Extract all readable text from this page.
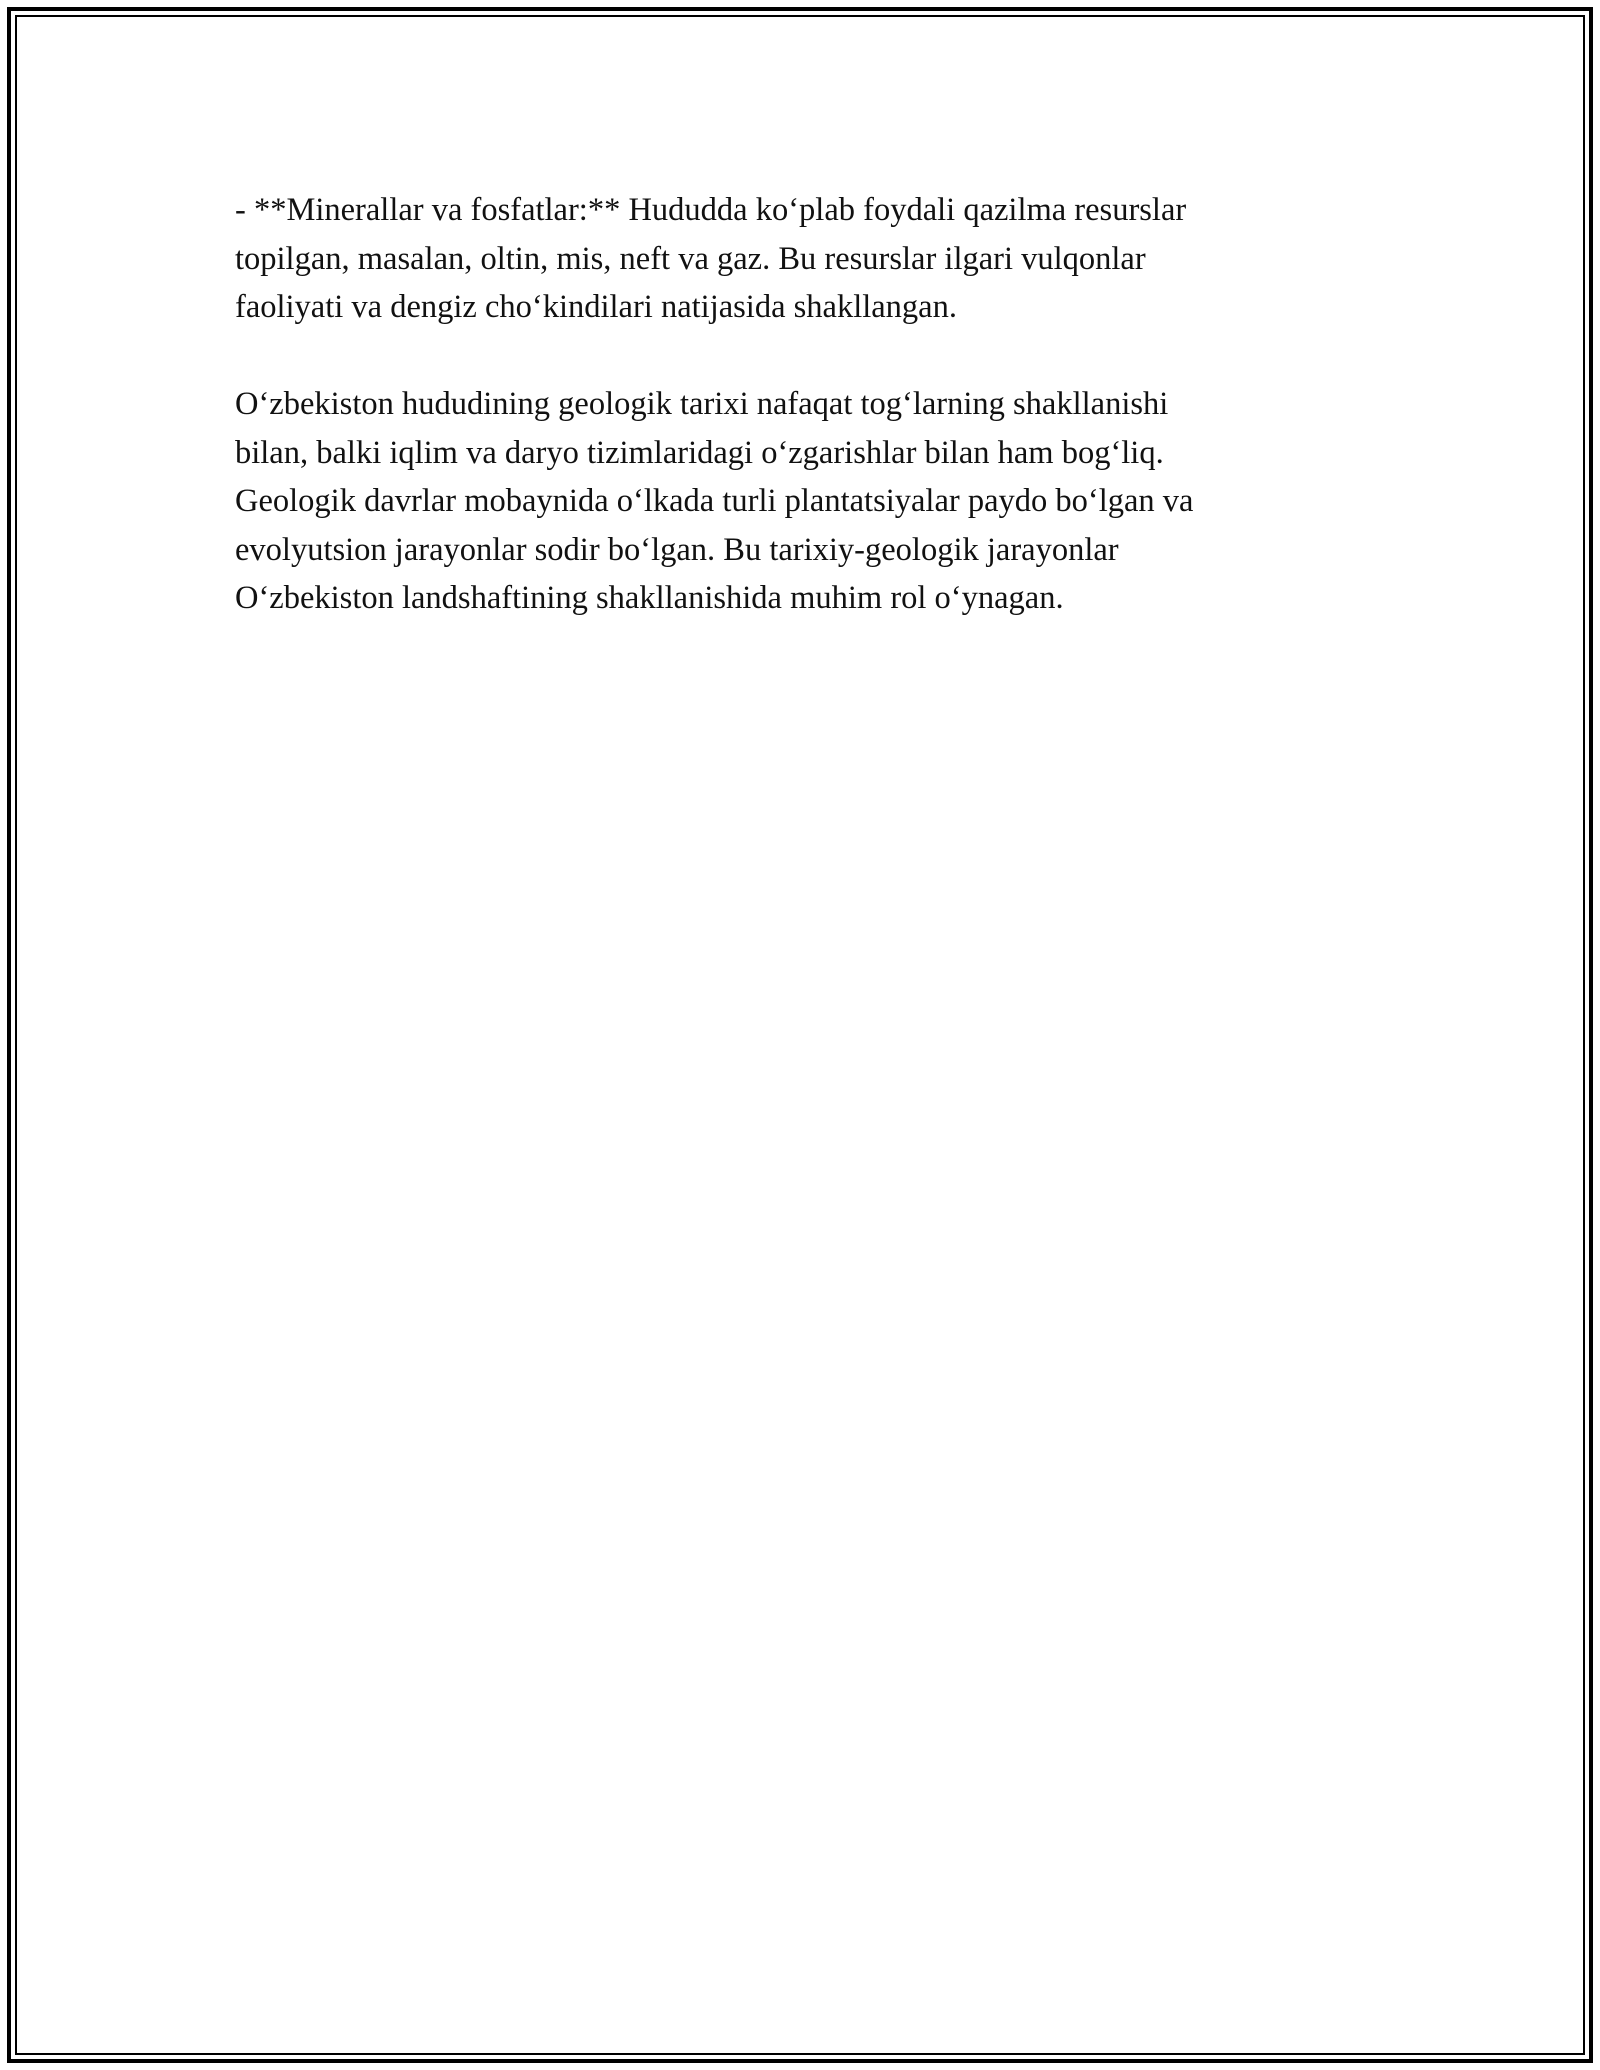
- **Minerallar va fosfatlar:** Hududda ko‘plab foydali qazilma resurslar
topilgan, masalan, oltin, mis, neft va gaz. Bu resurslar ilgari vulqonlar
faoliyati va dengiz cho‘kindilari natijasida shakllangan.

O‘zbekiston hududining geologik tarixi nafaqat tog‘larning shakllanishi
bilan, balki iqlim va daryo tizimlaridagi o‘zgarishlar bilan ham bog‘liq.
Geologik davrlar mobaynida o‘lkada turli plantatsiyalar paydo bo‘lgan va
evolyutsion jarayonlar sodir bo‘lgan. Bu tarixiy-geologik jarayonlar
O‘zbekiston landshaftining shakllanishida muhim rol o‘ynagan.
